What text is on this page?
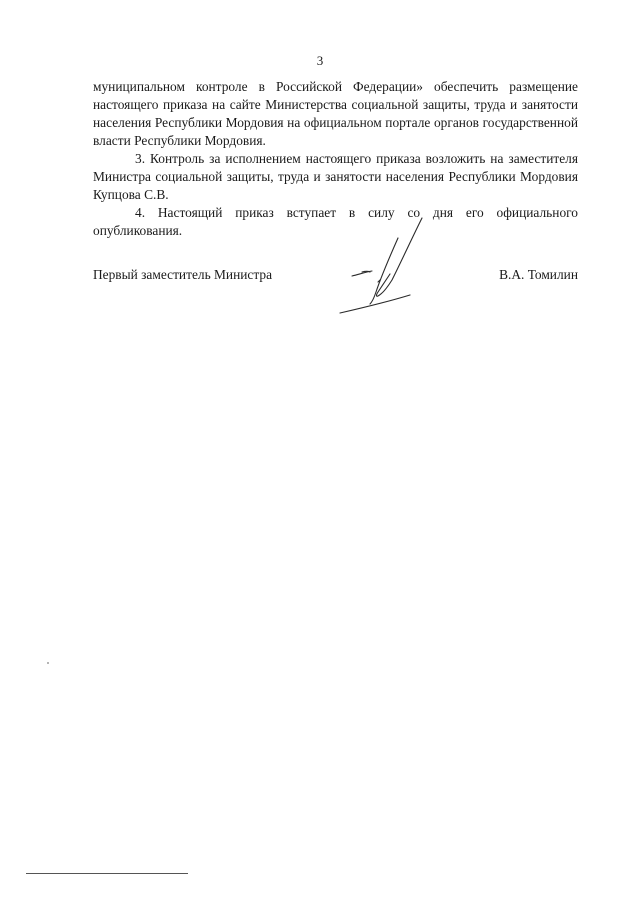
3

муниципальном контроле в Российской Федерации» обеспечить размещение настоящего приказа на сайте Министерства социальной защиты, труда и занятости населения Республики Мордовия на официальном портале органов государственной власти Республики Мордовия.

3. Контроль за исполнением настоящего приказа возложить на заместителя Министра социальной защиты, труда и занятости населения Республики Мордовия Купцова С.В.

4. Настоящий приказ вступает в силу со дня его официального опубликования.

Первый заместитель Министра	В.А. Томилин
